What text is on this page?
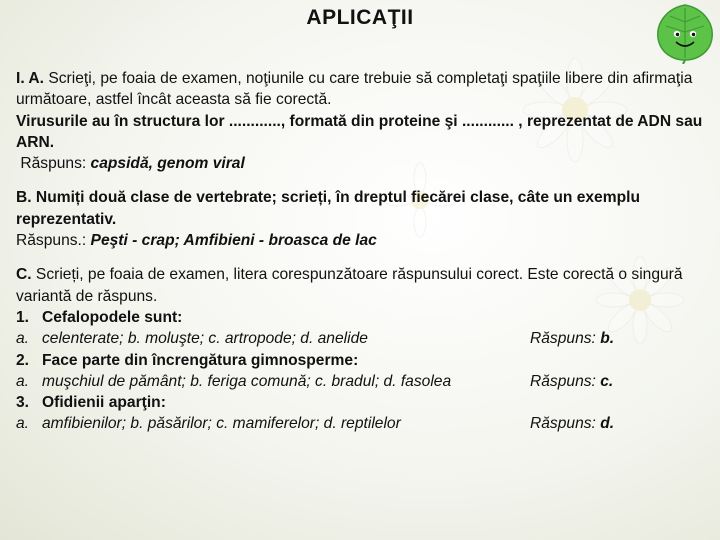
APLICAŢII

I. A. Scrieţi, pe foaia de examen, noţiunile cu care trebuie să completaţi spaţiile libere din afirmaţia următoare, astfel încât aceasta să fie corectă.

Virusurile au în structura lor ............, formată din proteine şi ............ , reprezentat de ADN sau ARN.

Răspuns: capsidă, genom viral

B. Numiți două clase de vertebrate; scrieți, în dreptul fiecărei clase, câte un exemplu reprezentativ.

Răspuns.: Peşti - crap; Amfibieni - broasca de lac

C. Scrieți, pe foaia de examen, litera corespunzătoare răspunsului corect. Este corectă o singură variantă de răspuns.

1. Cefalopodele sunt:
a. celenterate; b. moluşte; c. artropode; d. anelide	Răspuns: b.
2. Face parte din încrengătura gimnosperme:
a. muşchiul de pământ; b. feriga comună; c. bradul; d. fasolea	Răspuns: c.
3. Ofidienii aparţin:
a. amfibienilor; b. păsărilor; c. mamiferelor; d. reptilelor	Răspuns: d.
